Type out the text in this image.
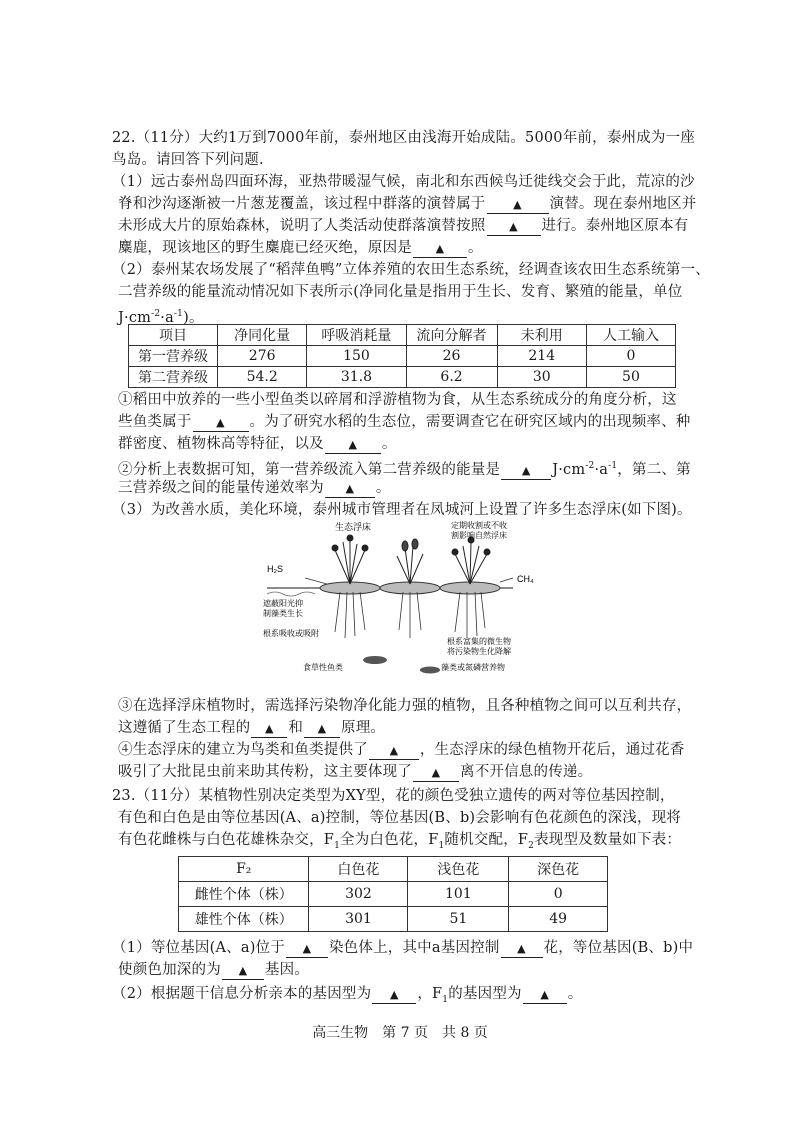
22.（11分）大约1万到7000年前，泰州地区由浅海开始成陆。5000年前，泰州成为一座
鸟岛。请回答下列问题.
（1）远古泰州岛四面环海，亚热带暖湿气候，南北和东西候鸟迁徙线交会于此，荒凉的沙
脊和沙沟逐渐被一片葱茏覆盖，该过程中群落的演替属于	▲ 演替。现在泰州地区并
未形成大片的原始森林，说明了人类活动使群落演替按照 ▲ 进行。泰州地区原本有
麋鹿，现该地区的野生麋鹿已经灭绝，原因是 ▲ 。
（2）泰州某农场发展了“稻萍鱼鸭”立体养殖的农田生态系统，经调查该农田生态系统第一、
二营养级的能量流动情况如下表所示(净同化量是指用于生长、发育、繁殖的能量，单位
$J\cdot cm^{-2}\cdot a^{-1}$)。
项目	净同化量	呼吸消耗量	流向分解者	未利用	人工输入
第一营养级	276	150	26	214	0
第二营养级	54.2	31.8	6.2	30	50
①稻田中放养的一些小型鱼类以碎屑和浮游植物为食，从生态系统成分的角度分析，这
些鱼类属于 ▲ 。为了研究水稻的生态位，需要调查它在研究区域内的出现频率、种
群密度、植物株高等特征，以及 ▲ 。
②分析上表数据可知，第一营养级流入第二营养级的能量是 ▲ $J\cdot cm^{-2}\cdot a^{-1}$，第二、第
三营养级之间的能量传递效率为 ▲ 。
（3）为改善水质，美化环境，泰州城市管理者在凤城河上设置了许多生态浮床(如下图)。
生态浮床	定期收割或不收
割影响自然浮床
H₂S
CH₄
遮蔽阳光抑
制藻类生长
根系吸收或吸附
根系富集的微生物
将污染物生化降解
藻类或氮磷营养物
食草性鱼类
③在选择浮床植物时，需选择污染物净化能力强的植物，且各种植物之间可以互利共存，
这遵循了生态工程的 ▲ 和 ▲ 原理。
④生态浮床的建立为鸟类和鱼类提供了 ▲ ，生态浮床的绿色植物开花后，通过花香
吸引了大批昆虫前来助其传粉，这主要体现了 ▲ 离不开信息的传递。
23.（11分）某植物性别决定类型为XY型，花的颜色受独立遗传的两对等位基因控制，
有色和白色是由等位基因(A、a)控制，等位基因(B、b)会影响有色花颜色的深浅，现将
有色花雌株与白色花雄株杂交，$F_1$全为白色花，$F_1$随机交配，$F_2$表现型及数量如下表：
F₂	白色花	浅色花	深色花
雌性个体（株）	302	101	0
雄性个体（株）	301	51	49
（1）等位基因(A、a)位于 ▲ 染色体上，其中a基因控制 ▲ 花，等位基因(B、b)中
使颜色加深的为 ▲ 基因。
（2）根据题干信息分析亲本的基因型为 ▲ ，$F_1$的基因型为 ▲ 。
高三生物　第 7 页　共 8 页
